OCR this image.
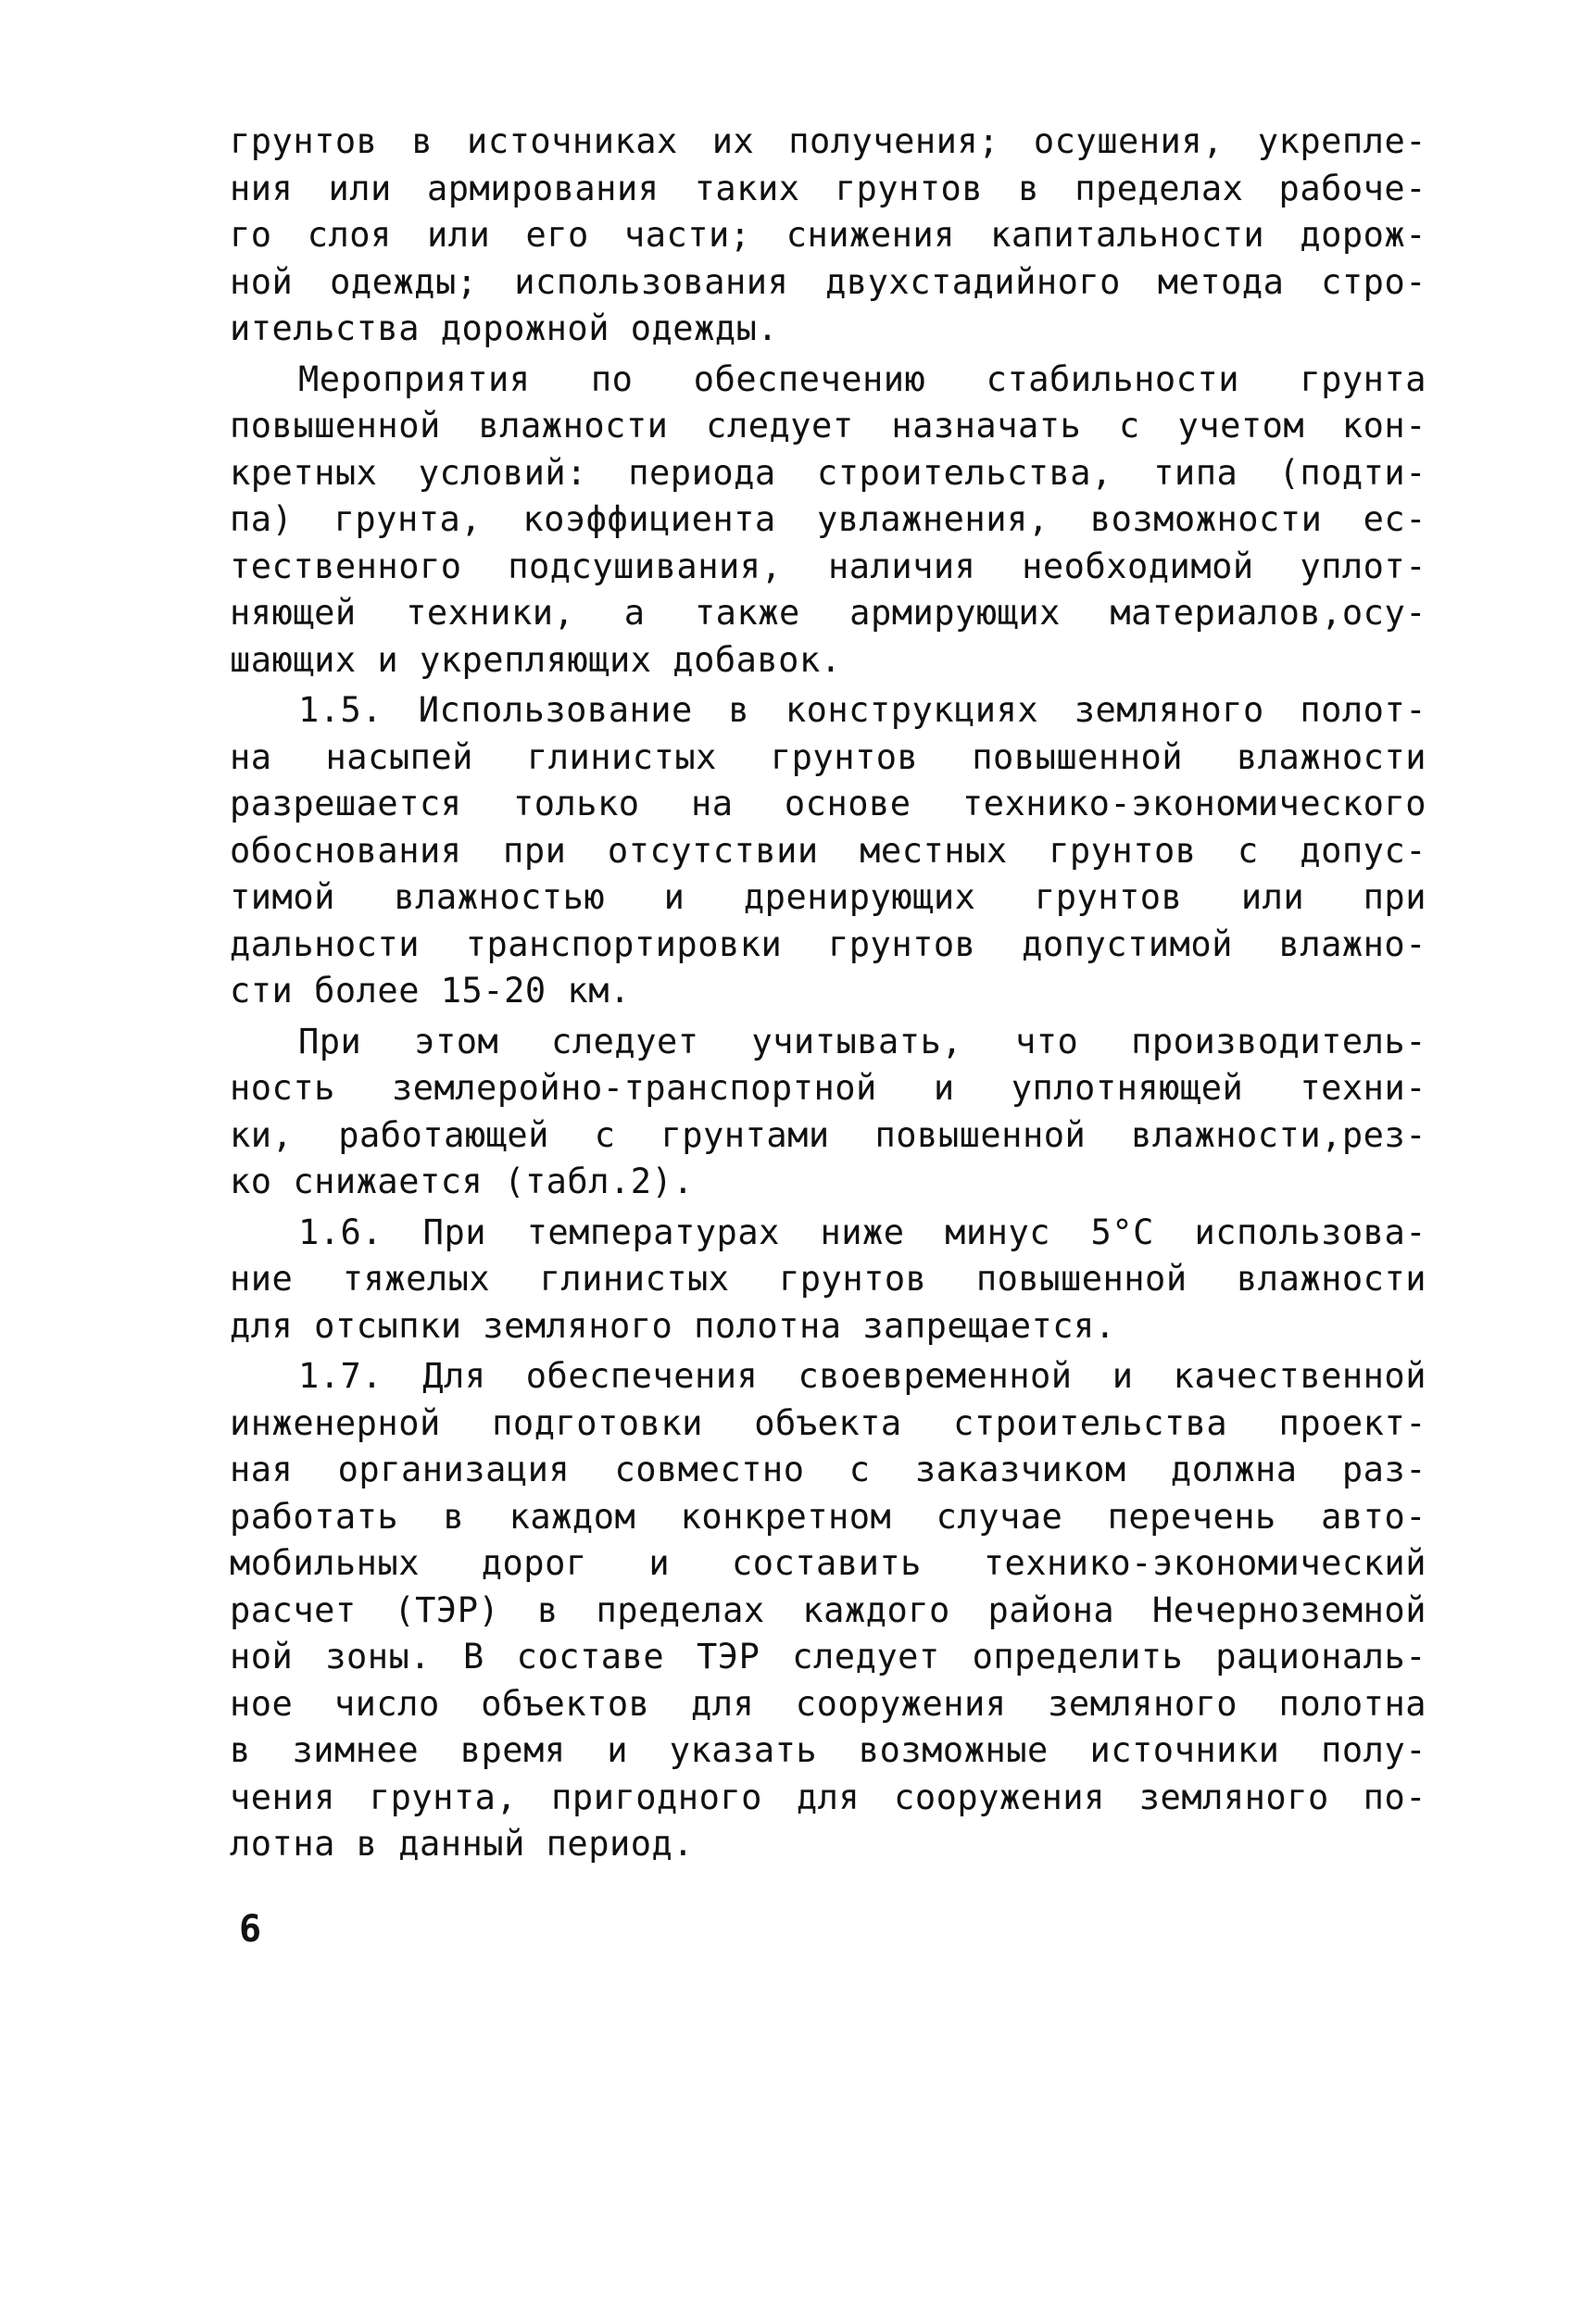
грунтов в источниках их получения; осушения, укрепле-
ния или армирования таких грунтов в пределах рабоче-
го слоя или его части; снижения капитальности дорож-
ной одежды; использования двухстадийного метода стро-
ительства дорожной одежды.
Мероприятия по обеспечению стабильности грунта
повышенной влажности следует назначать с учетом кон-
кретных условий: периода строительства, типа (подти-
па) грунта, коэффициента увлажнения, возможности ес-
тественного подсушивания, наличия необходимой уплот-
няющей техники, а также армирующих материалов,осу-
шающих и укрепляющих добавок.
1.5. Использование в конструкциях земляного полот-
на насыпей глинистых грунтов повышенной влажности
разрешается только на основе технико-экономического
обоснования при отсутствии местных грунтов с допус-
тимой влажностью и дренирующих грунтов или при
дальности транспортировки грунтов допустимой влажно-
сти более 15-20 км.
При этом следует учитывать, что производитель-
ность землеройно-транспортной и уплотняющей техни-
ки, работающей с грунтами повышенной влажности,рез-
ко снижается (табл.2).
1.6. При температурах ниже минус 5°С использова-
ние тяжелых глинистых грунтов повышенной влажности
для отсыпки земляного полотна запрещается.
1.7. Для обеспечения своевременной и качественной
инженерной подготовки объекта строительства проект-
ная организация совместно с заказчиком должна раз-
работать в каждом конкретном случае перечень авто-
мобильных дорог и составить технико-экономический
расчет (ТЭР) в пределах каждого района Нечерноземной
ной зоны. В составе ТЭР следует определить рациональ-
ное число объектов для сооружения земляного полотна
в зимнее время и указать возможные источники полу-
чения грунта, пригодного для сооружения земляного по-
лотна в данный период.
6
